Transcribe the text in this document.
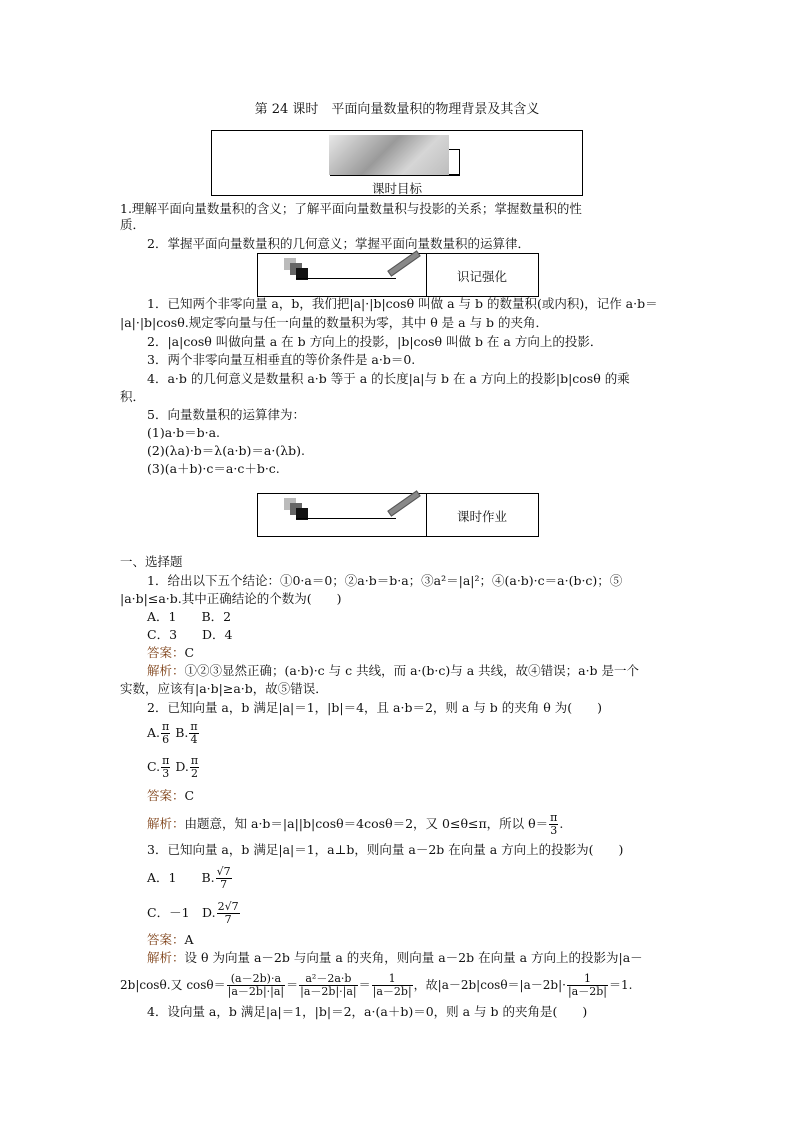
第 24 课时　平面向量数量积的物理背景及其含义
课时目标
1.理解平面向量数量积的含义；了解平面向量数量积与投影的关系；掌握数量积的性
质．
2．掌握平面向量数量积的几何意义；掌握平面向量数量积的运算律．
识记强化
1．已知两个非零向量 a，b，我们把|a|·|b|cosθ 叫做 a 与 b 的数量积(或内积)，记作 a·b＝
|a|·|b|cosθ.规定零向量与任一向量的数量积为零，其中 θ 是 a 与 b 的夹角．
2．|a|cosθ 叫做向量 a 在 b 方向上的投影，|b|cosθ 叫做 b 在 a 方向上的投影．
3．两个非零向量互相垂直的等价条件是 a·b＝0.
4．a·b 的几何意义是数量积 a·b 等于 a 的长度|a|与 b 在 a 方向上的投影|b|cosθ 的乘
积．
5．向量数量积的运算律为：
(1)a·b＝b·a.
(2)(λa)·b＝λ(a·b)＝a·(λb).
(3)(a＋b)·c＝a·c＋b·c.
课时作业
一、选择题
1．给出以下五个结论：①0·a＝0；②a·b＝b·a；③a²＝|a|²；④(a·b)·c＝a·(b·c)；⑤
|a·b|≤a·b.其中正确结论的个数为(　　)
A．1　　B．2
C．3　　D．4
答案：C
解析：①②③显然正确；(a·b)·c 与 c 共线，而 a·(b·c)与 a 共线，故④错误；a·b 是一个
实数，应该有|a·b|≥a·b，故⑤错误．
2．已知向量 a，b 满足|a|＝1，|b|＝4，且 a·b＝2，则 a 与 b 的夹角 θ 为(　　)
A. $\frac{\pi}{6} B$. $\frac{\pi}{4}$
C. $\frac{\pi}{3} D$. $\frac{\pi}{2}$
答案：C
解析：由题意，知 a·b＝|a||b|cosθ＝4cosθ＝2，又 0≤θ≤π，所以 $\theta= \frac{\pi}{3}$ .
3．已知向量 a，b 满足|a|＝1，a⊥b，则向量 a－2b 在向量 a 方向上的投影为(　　)
A．1　　B. $\frac{√7}{7}$
C．－1　D. $\frac{2√7}{7}$
答案：A
解析：设 θ 为向量 a－2b 与向量 a 的夹角，则向量 a－2b 在向量 a 方向上的投影为|a－
2b|cosθ.又 $\cos\theta= \frac{(a-2b)\cdot a}{|a-2b|\cdot|a|} = \frac{\text{a²－2a·b}}{|a-2b|\cdot|a|} = \frac{1}{|a-2b|}$ ，故$|a-2b|\cos\theta=|a-2b|\cdot \frac{1}{|a-2b|} =1$.
4．设向量 a，b 满足|a|＝1，|b|＝2，a·(a＋b)＝0，则 a 与 b 的夹角是(　　)
